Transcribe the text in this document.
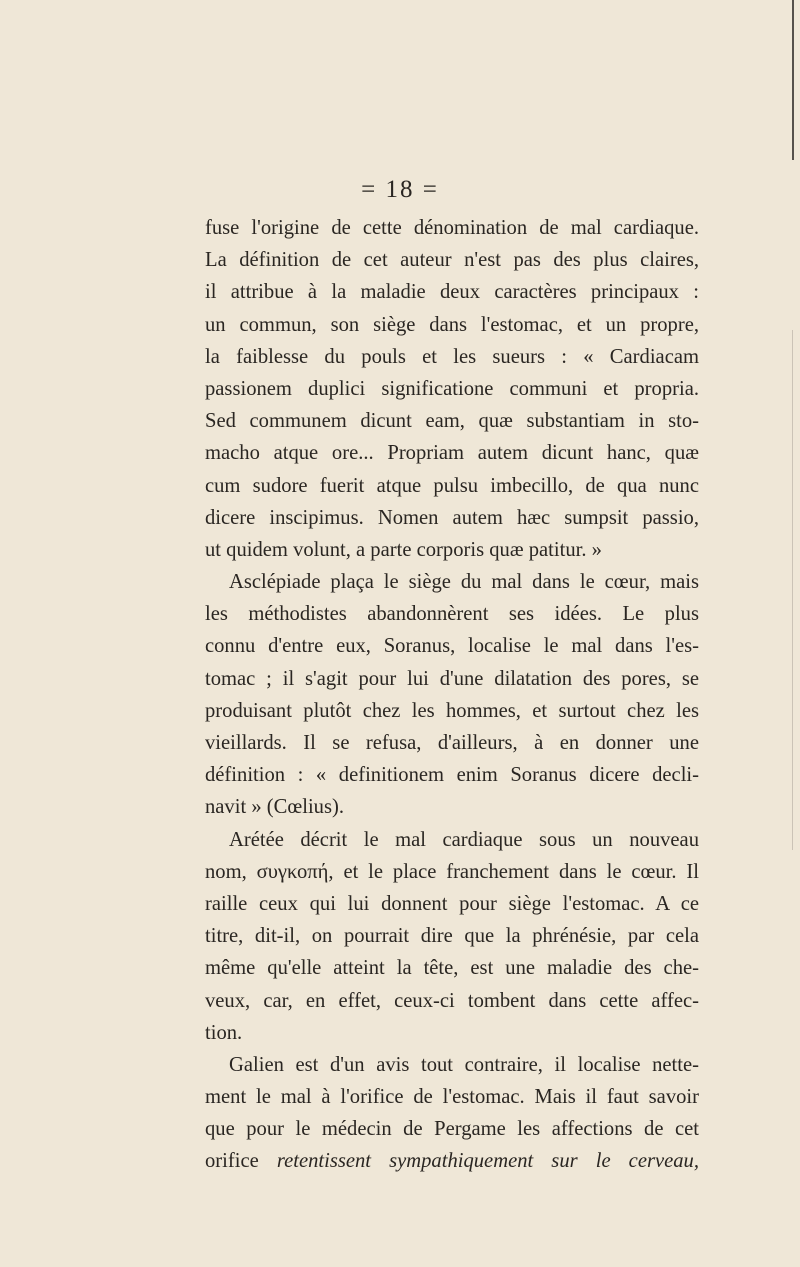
= 18 =
fuse l'origine de cette dénomination de mal cardiaque.
La définition de cet auteur n'est pas des plus claires,
il attribue à la maladie deux caractères principaux :
un commun, son siège dans l'estomac, et un propre,
la faiblesse du pouls et les sueurs : « Cardiacam
passionem duplici significatione communi et propria.
Sed communem dicunt eam, quæ substantiam in sto-
macho atque ore... Propriam autem dicunt hanc, quæ
cum sudore fuerit atque pulsu imbecillo, de qua nunc
dicere inscipimus. Nomen autem hæc sumpsit passio,
ut quidem volunt, a parte corporis quæ patitur. »
Asclépiade plaça le siège du mal dans le cœur, mais
les méthodistes abandonnèrent ses idées. Le plus
connu d'entre eux, Soranus, localise le mal dans l'es-
tomac ; il s'agit pour lui d'une dilatation des pores, se
produisant plutôt chez les hommes, et surtout chez les
vieillards. Il se refusa, d'ailleurs, à en donner une
définition : « definitionem enim Soranus dicere decli-
navit » (Cœlius).
Arétée décrit le mal cardiaque sous un nouveau
nom, συγκοπή, et le place franchement dans le cœur. Il
raille ceux qui lui donnent pour siège l'estomac. A ce
titre, dit-il, on pourrait dire que la phrénésie, par cela
même qu'elle atteint la tête, est une maladie des che-
veux, car, en effet, ceux-ci tombent dans cette affec-
tion.
Galien est d'un avis tout contraire, il localise nette-
ment le mal à l'orifice de l'estomac. Mais il faut savoir
que pour le médecin de Pergame les affections de cet
orifice retentissent sympathiquement sur le cerveau,
